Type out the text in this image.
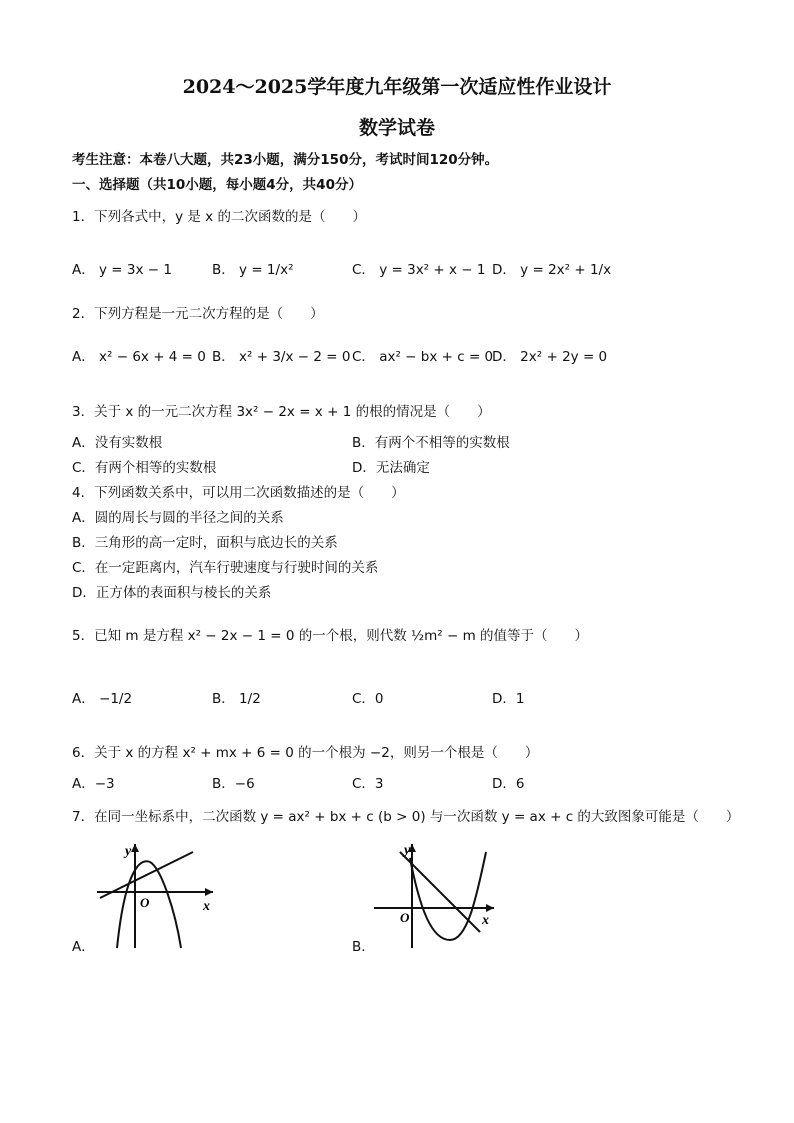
2024～2025学年度九年级第一次适应性作业设计
数学试卷
考生注意：本卷八大题，共23小题，满分150分，考试时间120分钟。
一、选择题（共10小题，每小题4分，共40分）
1．下列各式中，y 是 x 的二次函数的是（　　）
A． y = 3x − 1	B． y = 1/x²	C． y = 3x² + x − 1 D． y = 2x² + 1/x
2．下列方程是一元二次方程的是（　　）
A． x² − 6x + 4 = 0 B． x² + 3/x − 2 = 0 C． ax² − bx + c = 0
D． 2x² + 2y = 0
3．关于 x 的一元二次方程 3x² − 2x = x + 1 的根的情况是（　　）
A．没有实数根	B．有两个不相等的实数根
C．有两个相等的实数根	D．无法确定
4．下列函数关系中，可以用二次函数描述的是（　　）
A．圆的周长与圆的半径之间的关系
B．三角形的高一定时，面积与底边长的关系
C．在一定距离内，汽车行驶速度与行驶时间的关系
D．正方体的表面积与棱长的关系
5．已知 m 是方程 x² − 2x − 1 = 0 的一个根，则代数 ½m² − m 的值等于（　　）
A． −1/2	B． 1/2	C．0	D．1
6．关于 x 的方程 x² + mx + 6 = 0 的一个根为 −2，则另一个根是（　　）
A．−3	B．−6	C．3	D．6
7．在同一坐标系中，二次函数 y = ax² + bx + c (b > 0) 与一次函数 y = ax + c 的大致图象可能是（　　）
y
x
O
A．
y
x
O
B．
